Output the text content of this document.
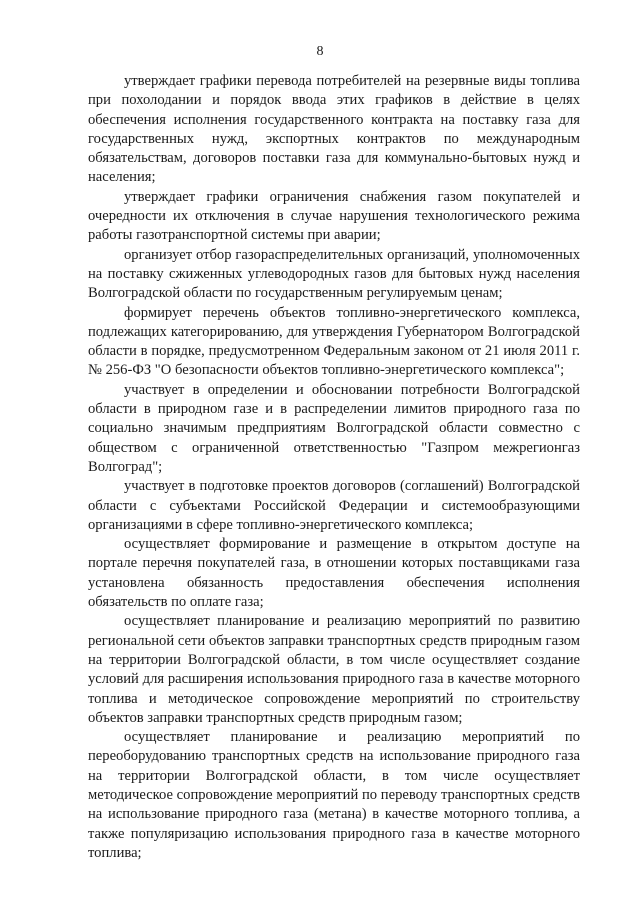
8

утверждает графики перевода потребителей на резервные виды топлива при похолодании и порядок ввода этих графиков в действие в целях обеспечения исполнения государственного контракта на поставку газа для государственных нужд, экспортных контрактов по международным обязательствам, договоров поставки газа для коммунально-бытовых нужд и населения;

утверждает графики ограничения снабжения газом покупателей и очередности их отключения в случае нарушения технологического режима работы газотранспортной системы при аварии;

организует отбор газораспределительных организаций, уполномоченных на поставку сжиженных углеводородных газов для бытовых нужд населения Волгоградской области по государственным регулируемым ценам;

формирует перечень объектов топливно-энергетического комплекса, подлежащих категорированию, для утверждения Губернатором Волгоградской области в порядке, предусмотренном Федеральным законом от 21 июля 2011 г. № 256-ФЗ "О безопасности объектов топливно-энергетического комплекса";

участвует в определении и обосновании потребности Волгоградской области в природном газе и в распределении лимитов природного газа по социально значимым предприятиям Волгоградской области совместно с обществом с ограниченной ответственностью "Газпром межрегионгаз Волгоград";

участвует в подготовке проектов договоров (соглашений) Волгоградской области с субъектами Российской Федерации и системообразующими организациями в сфере топливно-энергетического комплекса;

осуществляет формирование и размещение в открытом доступе на портале перечня покупателей газа, в отношении которых поставщиками газа установлена обязанность предоставления обеспечения исполнения обязательств по оплате газа;

осуществляет планирование и реализацию мероприятий по развитию региональной сети объектов заправки транспортных средств природным газом на территории Волгоградской области, в том числе осуществляет создание условий для расширения использования природного газа в качестве моторного топлива и методическое сопровождение мероприятий по строительству объектов заправки транспортных средств природным газом;

осуществляет планирование и реализацию мероприятий по переоборудованию транспортных средств на использование природного газа на территории Волгоградской области, в том числе осуществляет методическое сопровождение мероприятий по переводу транспортных средств на использование природного газа (метана) в качестве моторного топлива, а также популяризацию использования природного газа в качестве моторного топлива;
